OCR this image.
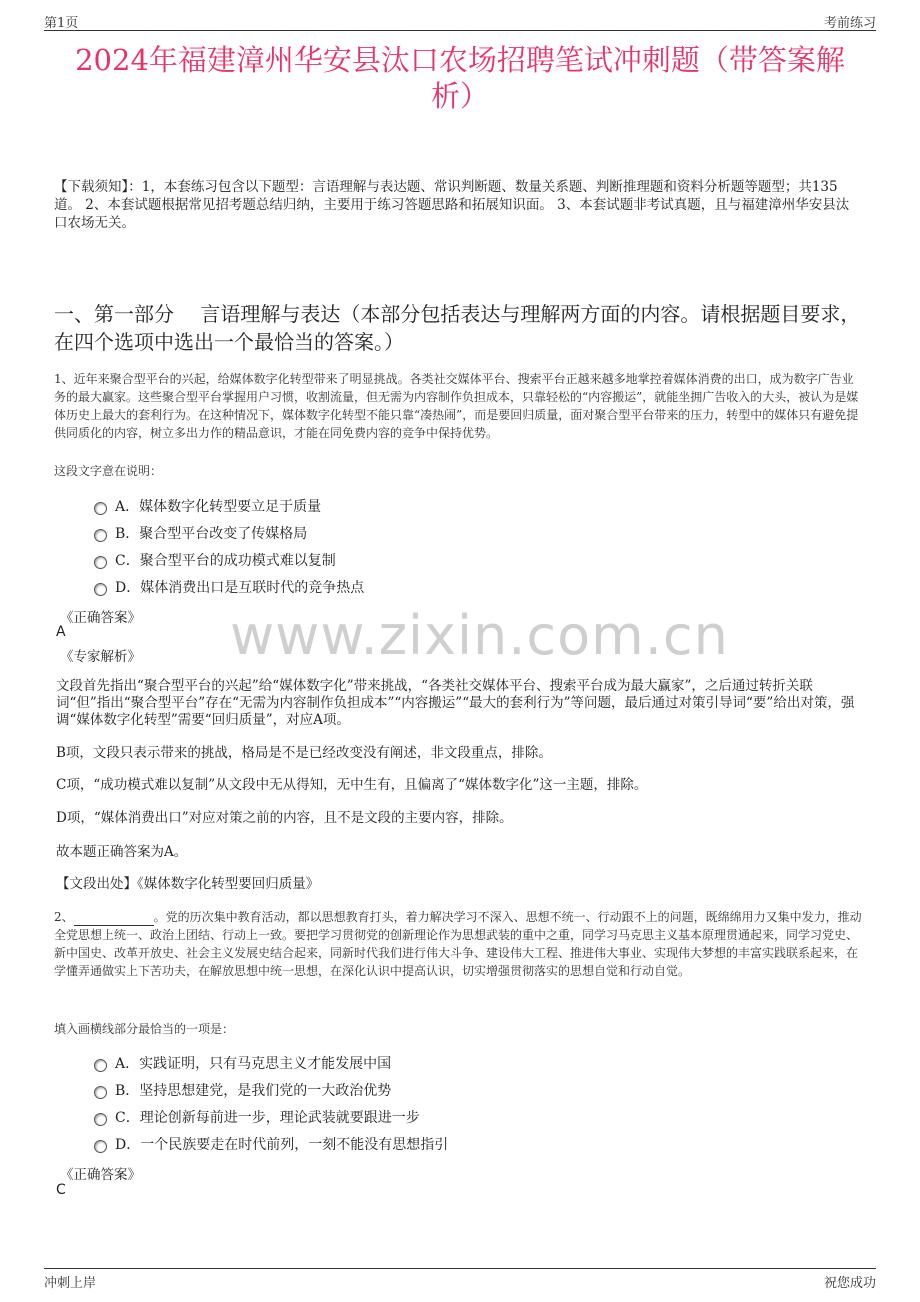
第1页	考前练习
2024年福建漳州华安县汰口农场招聘笔试冲刺题（带答案解析）
【下载须知】：1，本套练习包含以下题型：言语理解与表达题、常识判断题、数量关系题、判断推理题和资料分析题等题型；共135道。 2、本套试题根据常见招考题总结归纳，主要用于练习答题思路和拓展知识面。 3、本套试题非考试真题，且与福建漳州华安县汰口农场无关。
一、第一部分　 言语理解与表达（本部分包括表达与理解两方面的内容。请根据题目要求，在四个选项中选出一个最恰当的答案。）
1、近年来聚合型平台的兴起，给媒体数字化转型带来了明显挑战。各类社交媒体平台、搜索平台正越来越多地掌控着媒体消费的出口，成为数字广告业务的最大赢家。这些聚合型平台掌握用户习惯，收割流量，但无需为内容制作负担成本，只靠轻松的“内容搬运”，就能坐拥广告收入的大头，被认为是媒体历史上最大的套利行为。在这种情况下，媒体数字化转型不能只靠“凑热闹”，而是要回归质量，面对聚合型平台带来的压力，转型中的媒体只有避免提供同质化的内容，树立多出力作的精品意识，才能在同免费内容的竞争中保持优势。
这段文字意在说明：
A．媒体数字化转型要立足于质量
B．聚合型平台改变了传媒格局
C．聚合型平台的成功模式难以复制
D．媒体消费出口是互联时代的竞争热点
《正确答案》
A
《专家解析》 www.zixin.com.cn
文段首先指出“聚合型平台的兴起”给“媒体数字化”带来挑战，“各类社交媒体平台、搜索平台成为最大赢家”，之后通过转折关联词“但”指出“聚合型平台”存在“无需为内容制作负担成本”“内容搬运”“最大的套利行为”等问题，最后通过对策引导词“要”给出对策，强调“媒体数字化转型”需要“回归质量”，对应A项。
B项，文段只表示带来的挑战，格局是不是已经改变没有阐述，非文段重点，排除。
C项，“成功模式难以复制”从文段中无从得知，无中生有，且偏离了“媒体数字化”这一主题，排除。
D项，“媒体消费出口”对应对策之前的内容，且不是文段的主要内容，排除。
故本题正确答案为A。
【文段出处】《媒体数字化转型要回归质量》
2、	。党的历次集中教育活动，都以思想教育打头，着力解决学习不深入、思想不统一、行动跟不上的问题，既绵绵用力又集中发力，推动全党思想上统一、政治上团结、行动上一致。要把学习贯彻党的创新理论作为思想武装的重中之重，同学习马克思主义基本原理贯通起来，同学习党史、新中国史、改革开放史、社会主义发展史结合起来，同新时代我们进行伟大斗争、建设伟大工程、推进伟大事业、实现伟大梦想的丰富实践联系起来，在学懂弄通做实上下苦功夫，在解放思想中统一思想，在深化认识中提高认识，切实增强贯彻落实的思想自觉和行动自觉。
填入画横线部分最恰当的一项是：
A．实践证明，只有马克思主义才能发展中国
B．坚持思想建党，是我们党的一大政治优势
C．理论创新每前进一步，理论武装就要跟进一步
D．一个民族要走在时代前列，一刻不能没有思想指引
《正确答案》
C
冲刺上岸	祝您成功
